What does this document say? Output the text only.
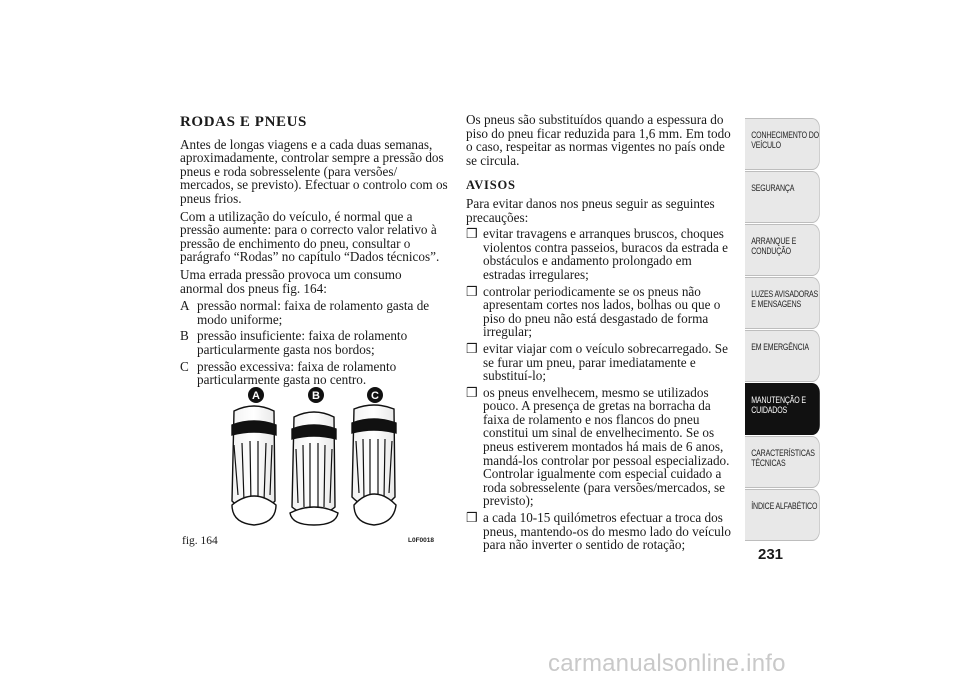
RODAS E PNEUS

Antes de longas viagens e a cada duas semanas, aproximadamente, controlar sempre a pressão dos pneus e roda sobresselente (para versões/ mercados, se previsto). Efectuar o controlo com os pneus frios.

Com a utilização do veículo, é normal que a pressão aumente: para o correcto valor relativo à pressão de enchimento do pneu, consultar o parágrafo “Rodas” no capítulo “Dados técnicos”.

Uma errada pressão provoca um consumo anormal dos pneus fig. 164:

A pressão normal: faixa de rolamento gasta de modo uniforme;
B pressão insuficiente: faixa de rolamento particularmente gasta nos bordos;
C pressão excessiva: faixa de rolamento particularmente gasta no centro.
A	B	C
fig. 164	L0F0018

Os pneus são substituídos quando a espessura do piso do pneu ficar reduzida para 1,6 mm. Em todo o caso, respeitar as normas vigentes no país onde se circula.

AVISOS

Para evitar danos nos pneus seguir as seguintes precauções:

❒ evitar travagens e arranques bruscos, choques violentos contra passeios, buracos da estrada e obstáculos e andamento prolongado em estradas irregulares;
❒ controlar periodicamente se os pneus não apresentam cortes nos lados, bolhas ou que o piso do pneu não está desgastado de forma irregular;
❒ evitar viajar com o veículo sobrecarregado. Se se furar um pneu, parar imediatamente e substituí-lo;
❒ os pneus envelhecem, mesmo se utilizados pouco. A presença de gretas na borracha da faixa de rolamento e nos flancos do pneu constitui um sinal de envelhecimento. Se os pneus estiverem montados há mais de 6 anos, mandá-los controlar por pessoal especializado. Controlar igualmente com especial cuidado a roda sobresselente (para versões/mercados, se previsto);
❒ a cada 10-15 quilómetros efectuar a troca dos pneus, mantendo-os do mesmo lado do veículo para não inverter o sentido de rotação;
CONHECIMENTO DO VEÍCULO
SEGURANÇA
ARRANQUE E CONDUÇÃO
LUZES AVISADORAS E MENSAGENS
EM EMERGÊNCIA
MANUTENÇÃO E CUIDADOS
CARACTERÍSTICAS TÉCNICAS
ÍNDICE ALFABÉTICO
231
carmanualsonline.info
